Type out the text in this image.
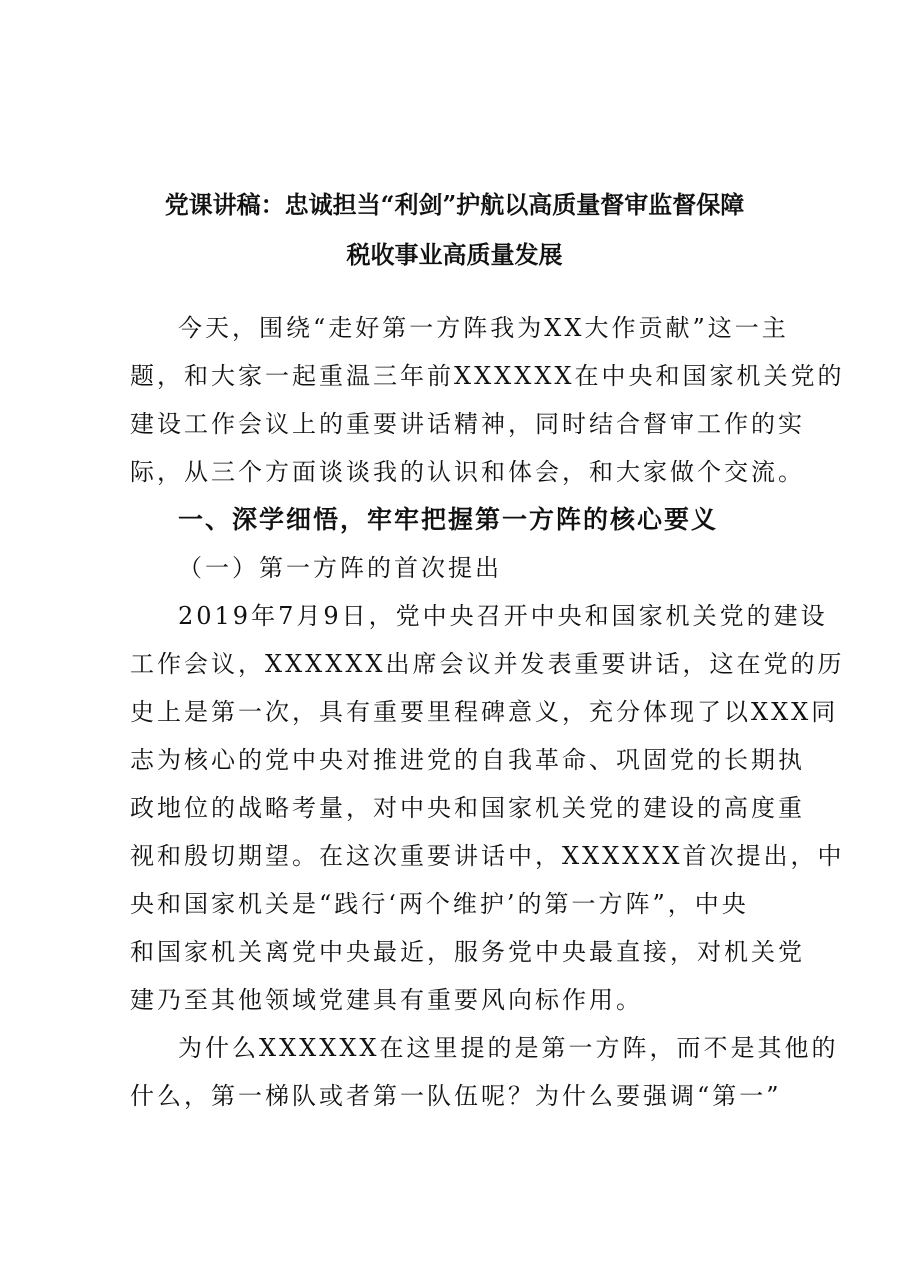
党课讲稿：忠诚担当“利剑”护航以高质量督审监督保障
税收事业高质量发展
今天，围绕“走好第一方阵我为XX大作贡献”这一主
题，和大家一起重温三年前XXXXXX在中央和国家机关党的
建设工作会议上的重要讲话精神，同时结合督审工作的实
际，从三个方面谈谈我的认识和体会，和大家做个交流。
一、深学细悟，牢牢把握第一方阵的核心要义
（一）第一方阵的首次提出
2019年7月9日，党中央召开中央和国家机关党的建设
工作会议，XXXXXX出席会议并发表重要讲话，这在党的历
史上是第一次，具有重要里程碑意义，充分体现了以XXX同
志为核心的党中央对推进党的自我革命、巩固党的长期执
政地位的战略考量，对中央和国家机关党的建设的高度重
视和殷切期望。在这次重要讲话中，XXXXXX首次提出，中
央和国家机关是“践行‘两个维护’的第一方阵”，中央
和国家机关离党中央最近，服务党中央最直接，对机关党
建乃至其他领域党建具有重要风向标作用。
为什么XXXXXX在这里提的是第一方阵，而不是其他的
什么，第一梯队或者第一队伍呢？为什么要强调“第一”
